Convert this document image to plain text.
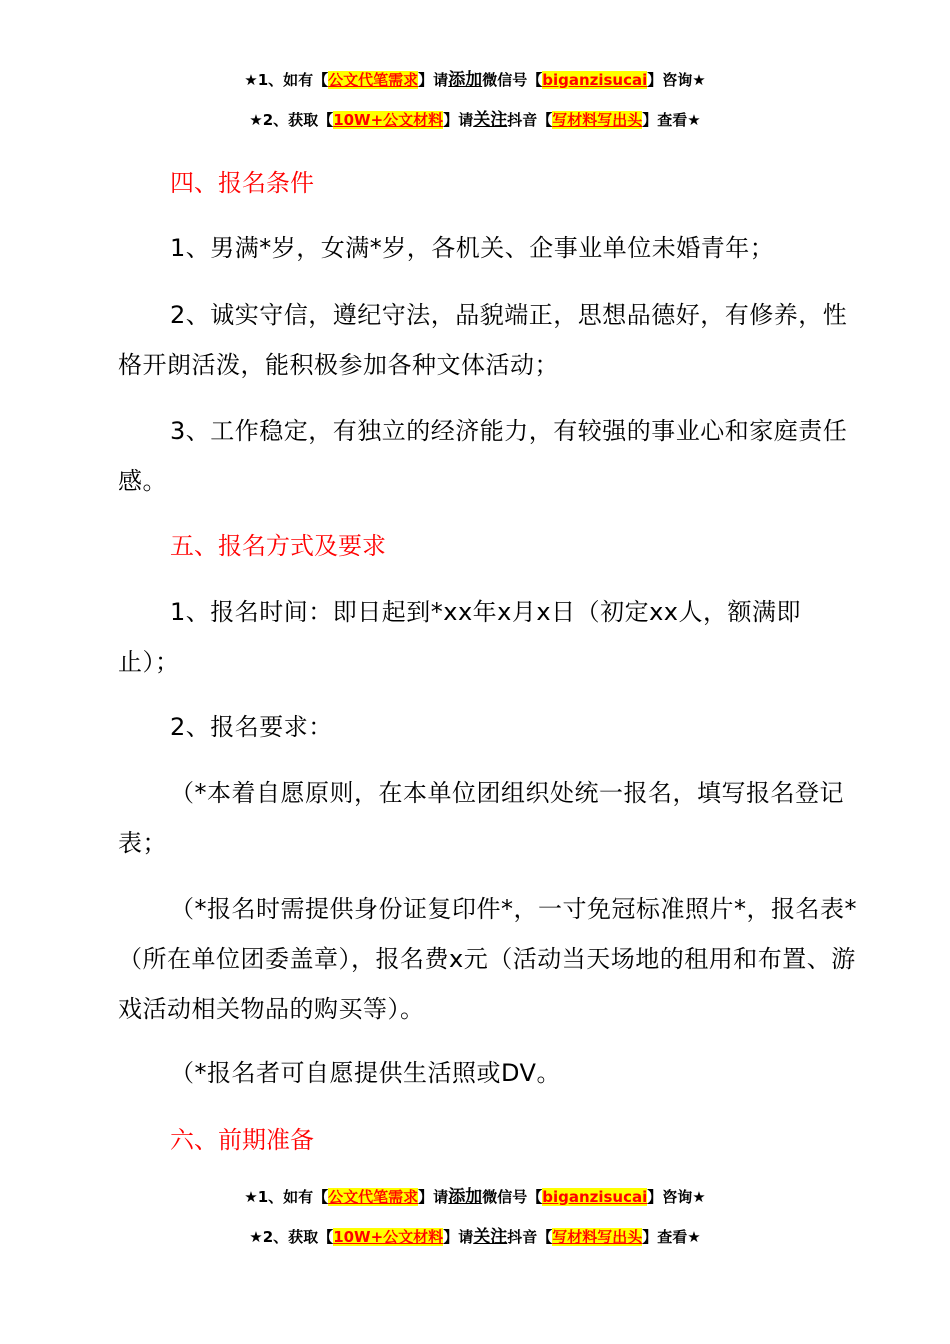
★1、如有【公文代笔需求】请添加微信号【biganzisucai】咨询★
★2、获取【10W+公文材料】请关注抖音【写材料写出头】查看★
四、报名条件
1、男满*岁，女满*岁，各机关、企事业单位未婚青年；
2、诚实守信，遵纪守法，品貌端正，思想品德好，有修养，性格开朗活泼，能积极参加各种文体活动；
3、工作稳定，有独立的经济能力，有较强的事业心和家庭责任感。
五、报名方式及要求
1、报名时间：即日起到*xx年x月x日（初定xx人，额满即止）；
2、报名要求：
（*本着自愿原则，在本单位团组织处统一报名，填写报名登记表；
（*报名时需提供身份证复印件*，一寸免冠标准照片*，报名表*（所在单位团委盖章），报名费x元（活动当天场地的租用和布置、游戏活动相关物品的购买等）。
（*报名者可自愿提供生活照或DV。
六、前期准备
★1、如有【公文代笔需求】请添加微信号【biganzisucai】咨询★
★2、获取【10W+公文材料】请关注抖音【写材料写出头】查看★
